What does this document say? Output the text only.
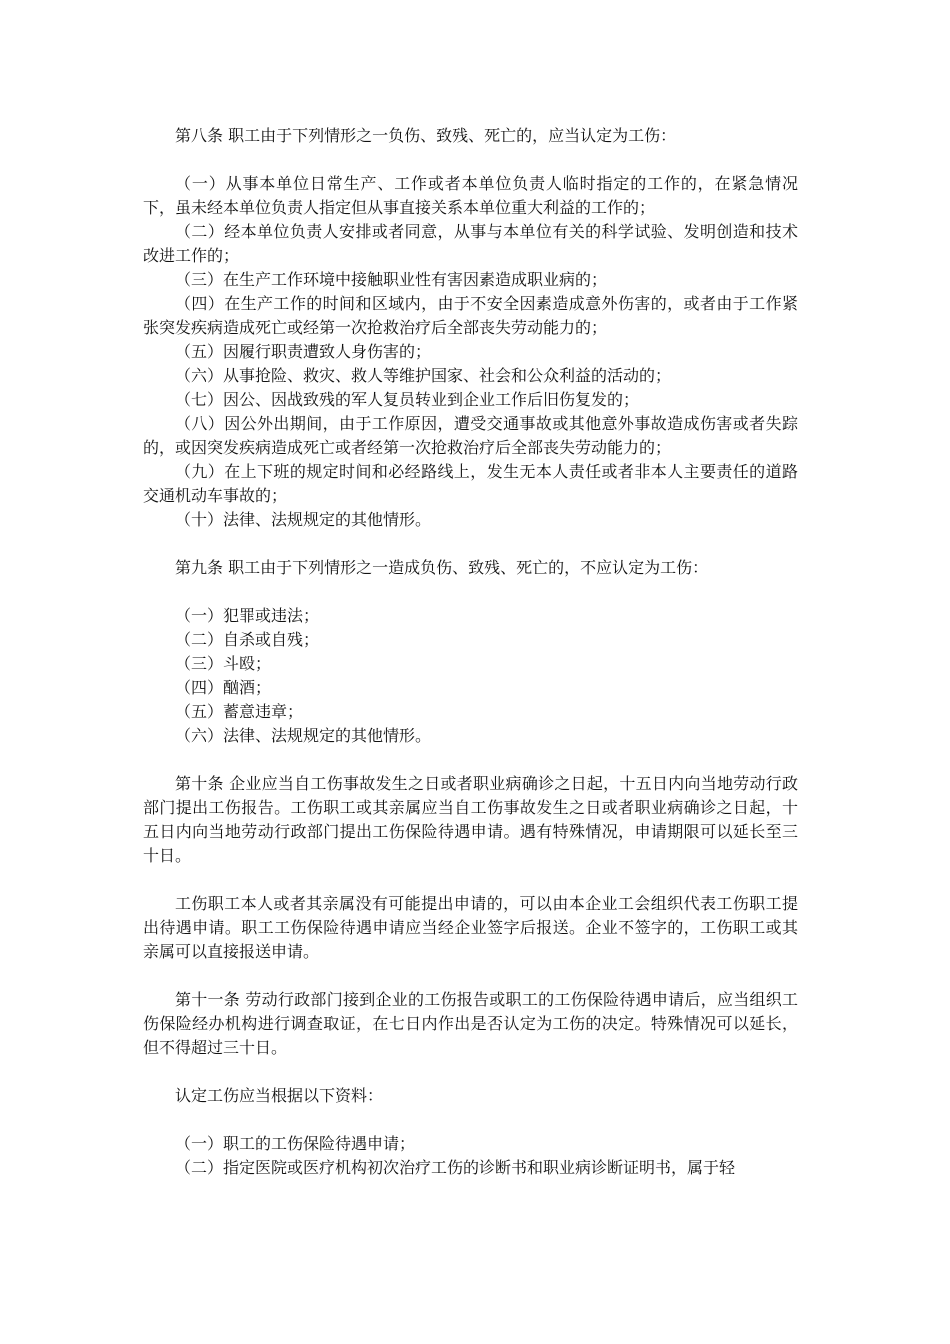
第八条 职工由于下列情形之一负伤、致残、死亡的，应当认定为工伤：

（一）从事本单位日常生产、工作或者本单位负责人临时指定的工作的，在紧急情况下，虽未经本单位负责人指定但从事直接关系本单位重大利益的工作的；

（二）经本单位负责人安排或者同意，从事与本单位有关的科学试验、发明创造和技术改进工作的；

（三）在生产工作环境中接触职业性有害因素造成职业病的；

（四）在生产工作的时间和区域内，由于不安全因素造成意外伤害的，或者由于工作紧张突发疾病造成死亡或经第一次抢救治疗后全部丧失劳动能力的；

（五）因履行职责遭致人身伤害的；

（六）从事抢险、救灾、救人等维护国家、社会和公众利益的活动的；

（七）因公、因战致残的军人复员转业到企业工作后旧伤复发的；

（八）因公外出期间，由于工作原因，遭受交通事故或其他意外事故造成伤害或者失踪的，或因突发疾病造成死亡或者经第一次抢救治疗后全部丧失劳动能力的；

（九）在上下班的规定时间和必经路线上，发生无本人责任或者非本人主要责任的道路交通机动车事故的；

（十）法律、法规规定的其他情形。

第九条 职工由于下列情形之一造成负伤、致残、死亡的，不应认定为工伤：

（一）犯罪或违法；

（二）自杀或自残；

（三）斗殴；

（四）酗酒；

（五）蓄意违章；

（六）法律、法规规定的其他情形。

第十条 企业应当自工伤事故发生之日或者职业病确诊之日起，十五日内向当地劳动行政部门提出工伤报告。工伤职工或其亲属应当自工伤事故发生之日或者职业病确诊之日起，十五日内向当地劳动行政部门提出工伤保险待遇申请。遇有特殊情况，申请期限可以延长至三十日。

工伤职工本人或者其亲属没有可能提出申请的，可以由本企业工会组织代表工伤职工提出待遇申请。职工工伤保险待遇申请应当经企业签字后报送。企业不签字的，工伤职工或其亲属可以直接报送申请。

第十一条 劳动行政部门接到企业的工伤报告或职工的工伤保险待遇申请后，应当组织工伤保险经办机构进行调查取证，在七日内作出是否认定为工伤的决定。特殊情况可以延长，但不得超过三十日。

认定工伤应当根据以下资料：

（一）职工的工伤保险待遇申请；

（二）指定医院或医疗机构初次治疗工伤的诊断书和职业病诊断证明书，属于轻
